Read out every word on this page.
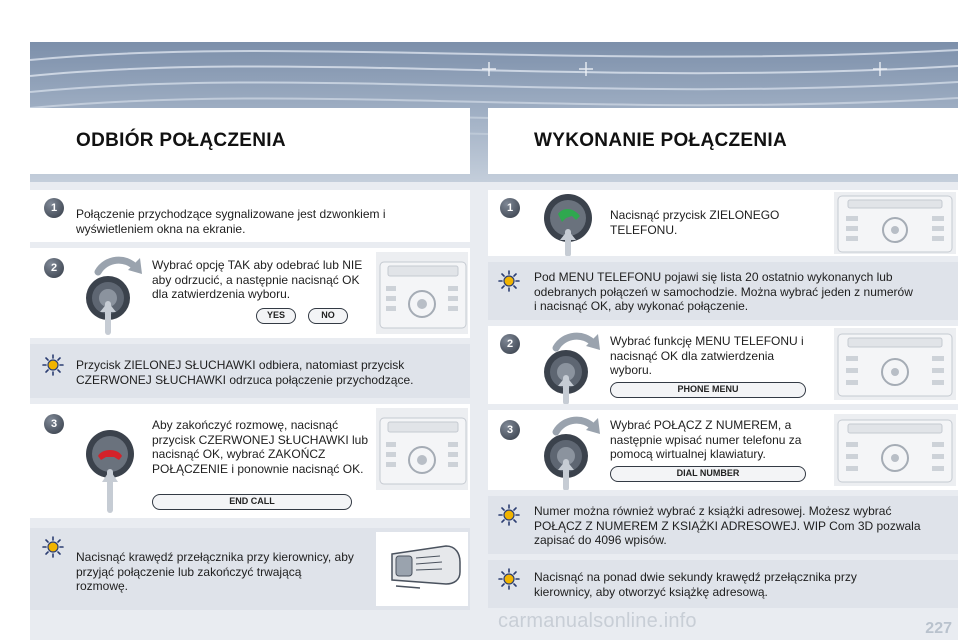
ODBIÓR POŁĄCZENIA	WYKONANIE POŁĄCZENIA
1	Połączenie przychodzące sygnalizowane jest dzwonkiem i wyświetleniem okna na ekranie.
2	Wybrać opcję TAK aby odebrać lub NIE aby odrzucić, a następnie nacisnąć OK dla zatwierdzenia wyboru.
YES	NO
Przycisk ZIELONEJ SŁUCHAWKI odbiera, natomiast przycisk CZERWONEJ SŁUCHAWKI odrzuca połączenie przychodzące.
3	Aby zakończyć rozmowę, nacisnąć przycisk CZERWONEJ SŁUCHAWKI lub nacisnąć OK, wybrać ZAKOŃCZ POŁĄCZENIE i ponownie nacisnąć OK.
END CALL
Nacisnąć krawędź przełącznika przy kierownicy, aby przyjąć połączenie lub zakończyć trwającą rozmowę.
1	Nacisnąć przycisk ZIELONEGO TELEFONU.
Pod MENU TELEFONU pojawi się lista 20 ostatnio wykonanych lub odebranych połączeń w samochodzie. Można wybrać jeden z numerów i nacisnąć OK, aby wykonać połączenie.
2	Wybrać funkcję MENU TELEFONU i nacisnąć OK dla zatwierdzenia wyboru.
PHONE MENU
3	Wybrać POŁĄCZ Z NUMEREM, a następnie wpisać numer telefonu za pomocą wirtualnej klawiatury.
DIAL NUMBER
Numer można również wybrać z książki adresowej. Możesz wybrać POŁĄCZ Z NUMEREM Z KSIĄŻKI ADRESOWEJ. WIP Com 3D pozwala zapisać do 4096 wpisów.
Nacisnąć na ponad dwie sekundy krawędź przełącznika przy kierownicy, aby otworzyć książkę adresową.
carmanualsonline.info	227
